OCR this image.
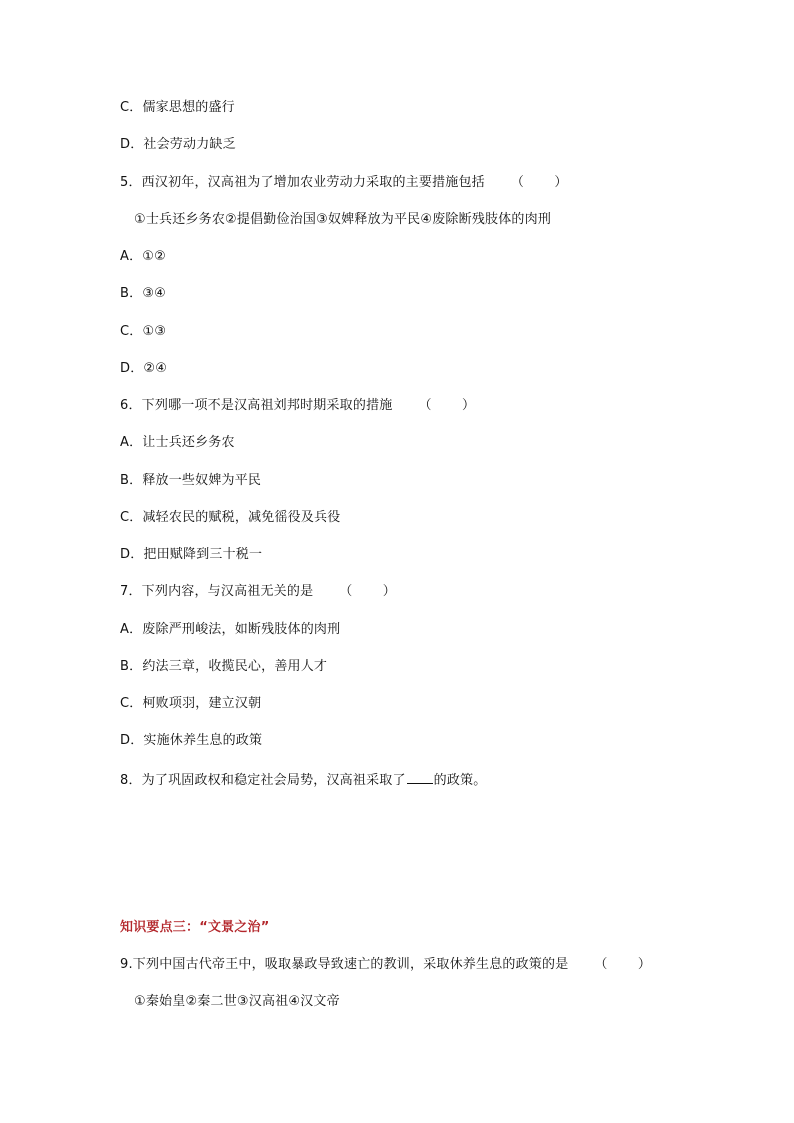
C．儒家思想的盛行
D．社会劳动力缺乏
5．西汉初年，汉高祖为了增加农业劳动力采取的主要措施包括      （       ）
①士兵还乡务农②提倡勤俭治国③奴婢释放为平民④废除断残肢体的肉刑
A．①②
B．③④
C．①③
D．②④
6．下列哪一项不是汉高祖刘邦时期采取的措施      （       ）
A．让士兵还乡务农
B．释放一些奴婢为平民
C．减轻农民的赋税，减免徭役及兵役
D．把田赋降到三十税一
7．下列内容，与汉高祖无关的是      （       ）
A．废除严刑峻法，如断残肢体的肉刑
B．约法三章，收揽民心，善用人才
C．柯败项羽，建立汉朝
D．实施休养生息的政策
8．为了巩固政权和稳定社会局势，汉高祖采取了 的政策。
知识要点三：“文景之治”
9.下列中国古代帝王中，吸取暴政导致速亡的教训，采取休养生息的政策的是      （       ）
①秦始皇②秦二世③汉高祖④汉文帝
